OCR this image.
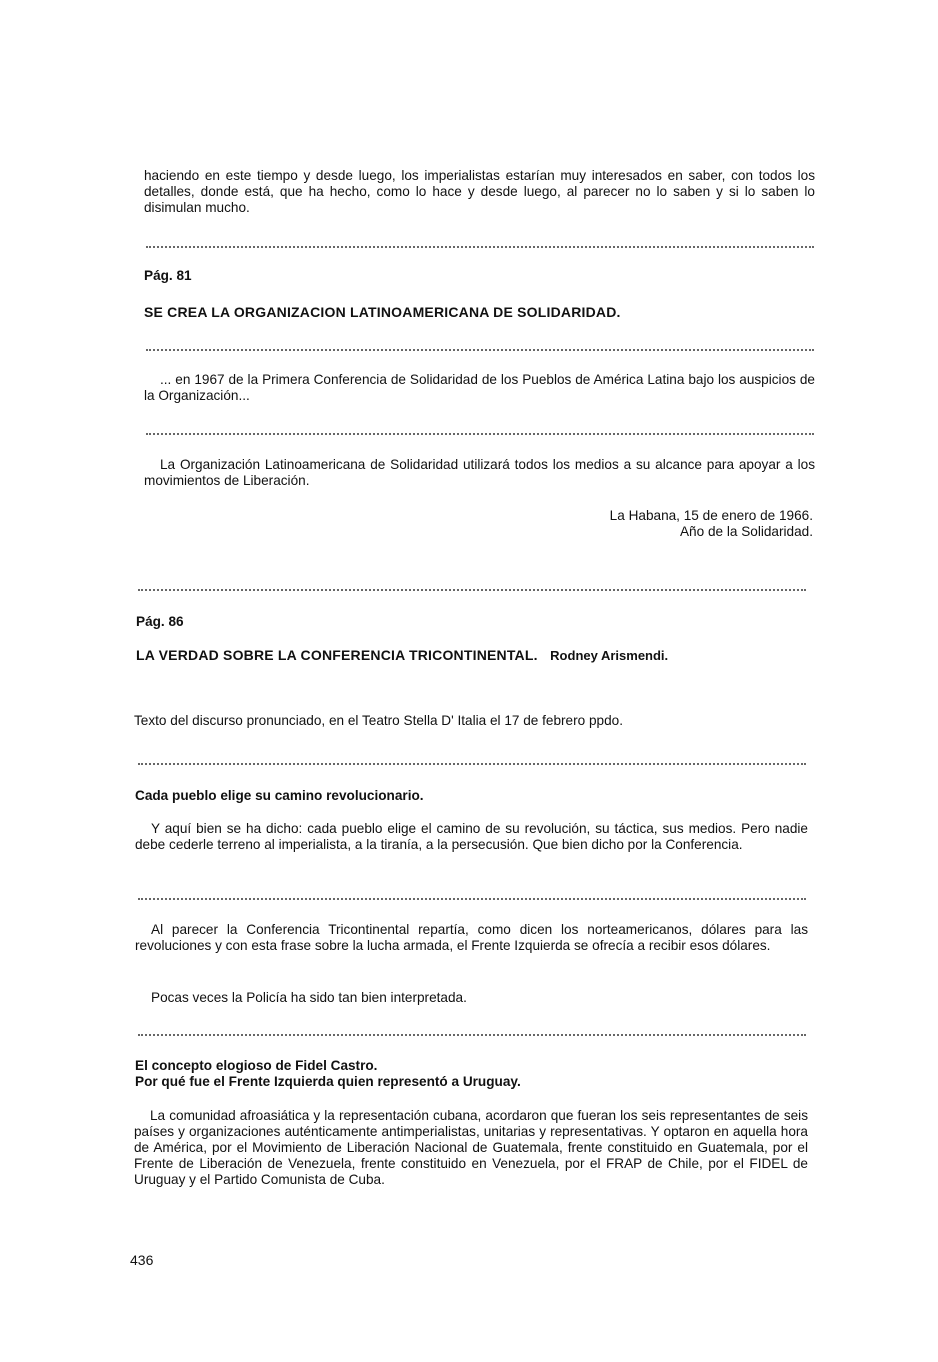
haciendo en este tiempo y desde luego, los imperialistas estarían muy interesados en saber, con todos los detalles, donde está, que ha hecho, como lo hace y desde luego, al parecer no lo saben y si lo saben lo disimulan mucho.

Pág. 81
SE CREA LA ORGANIZACION LATINOAMERICANA DE SOLIDARIDAD.

... en 1967 de la Primera Conferencia de Solidaridad de los Pueblos de América Latina bajo los auspicios de la Organización...

La Organización Latinoamericana de Solidaridad utilizará todos los medios a su alcance para apoyar a los movimientos de Liberación.

La Habana, 15 de enero de 1966.
Año de la Solidaridad.
Pág. 86
LA VERDAD SOBRE LA CONFERENCIA TRICONTINENTAL. Rodney Arismendi.

Texto del discurso pronunciado, en el Teatro Stella D' Italia el 17 de febrero ppdo.

Cada pueblo elige su camino revolucionario.

Y aquí bien se ha dicho: cada pueblo elige el camino de su revolución, su táctica, sus medios. Pero nadie debe cederle terreno al imperialista, a la tiranía, a la persecusión. Que bien dicho por la Conferencia.

Al parecer la Conferencia Tricontinental repartía, como dicen los norteamericanos, dólares para las revoluciones y con esta frase sobre la lucha armada, el Frente Izquierda se ofrecía a recibir esos dólares.

Pocas veces la Policía ha sido tan bien interpretada.

El concepto elogioso de Fidel Castro.
Por qué fue el Frente Izquierda quien representó a Uruguay.

La comunidad afroasiática y la representación cubana, acordaron que fueran los seis representantes de seis países y organizaciones auténticamente antimperialistas, unitarias y representativas. Y optaron en aquella hora de América, por el Movimiento de Liberación Nacional de Guatemala, frente constituido en Guatemala, por el Frente de Liberación de Venezuela, frente constituido en Venezuela, por el FRAP de Chile, por el FIDEL de Uruguay y el Partido Comunista de Cuba.

436
